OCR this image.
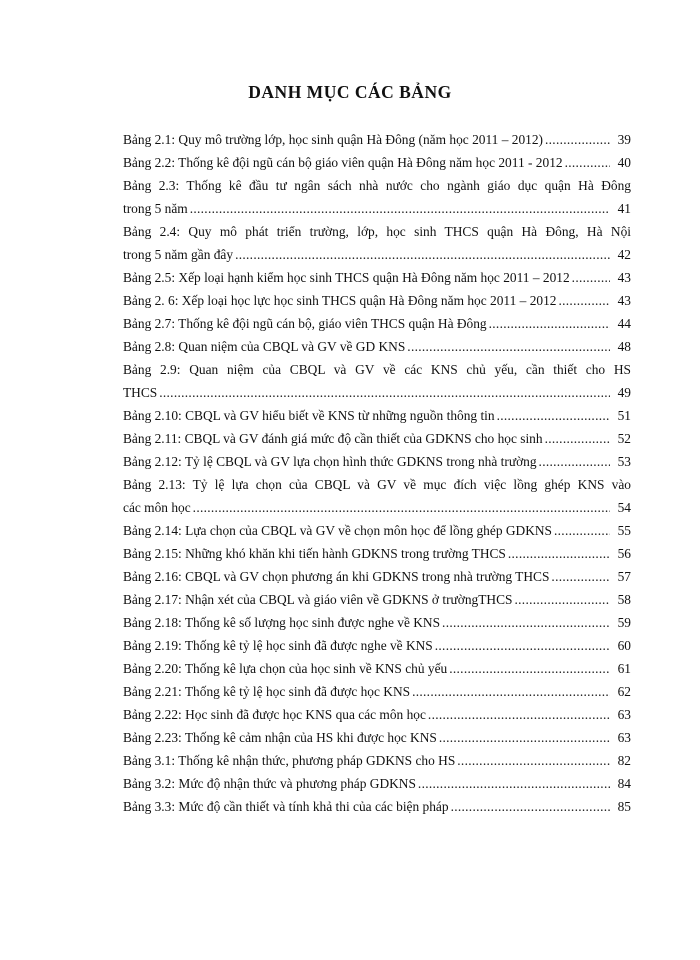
DANH MỤC CÁC BẢNG
Bảng 2.1: Quy mô trường lớp, học sinh quận Hà Đông (năm học 2011 – 2012) .....	39
Bảng 2.2: Thống kê đội ngũ cán bộ giáo viên quận Hà Đông năm học 2011 - 2012 .....	40
Bảng 2.3: Thống kê đầu tư ngân sách nhà nước cho ngành giáo dục quận Hà Đông
trong 5 năm .....	41
Bảng 2.4: Quy mô phát triển trường, lớp, học sinh THCS quận Hà Đông, Hà Nội
trong 5 năm gần đây .....	42
Bảng 2.5: Xếp loại hạnh kiểm học sinh THCS quận Hà Đông năm học 2011 – 2012 .....	43
Bảng 2. 6: Xếp loại học lực học sinh THCS quận Hà Đông năm học 2011 – 2012 .....	43
Bảng 2.7: Thống kê đội ngũ cán bộ, giáo viên THCS quận Hà Đông .....	44
Bảng 2.8: Quan niệm của CBQL và GV về GD KNS .....	48
Bảng 2.9: Quan niệm của CBQL và GV về các KNS chủ yếu, cần thiết cho HS
THCS .....	49
Bảng 2.10: CBQL và GV hiểu biết về KNS từ những nguồn thông tin .....	51
Bảng 2.11: CBQL và GV đánh giá mức độ cần thiết của GDKNS cho học sinh .....	52
Bảng 2.12: Tỷ lệ CBQL và GV lựa chọn hình thức GDKNS trong nhà trường .....	53
Bảng 2.13: Tỷ lệ lựa chọn của CBQL và GV về mục đích việc lồng ghép KNS vào
các môn học .....	54
Bảng 2.14: Lựa chọn của CBQL và GV về chọn môn học để lồng ghép GDKNS .....	55
Bảng 2.15: Những khó khăn khi tiến hành GDKNS trong trường THCS .....	56
Bảng 2.16: CBQL và GV chọn phương án khi GDKNS trong nhà trường THCS .....	57
Bảng 2.17: Nhận xét của CBQL và giáo viên về GDKNS ở trườngTHCS .....	58
Bảng 2.18: Thống kê số lượng học sinh được nghe về KNS .....	59
Bảng 2.19: Thống kê tỷ lệ học sinh đã được nghe về KNS .....	60
Bảng 2.20: Thống kê lựa chọn của học sinh về KNS chủ yếu .....	61
Bảng 2.21: Thống kê tỷ lệ học sinh đã được học KNS .....	62
Bảng 2.22: Học sinh đã được học KNS qua các môn học .....	63
Bảng 2.23: Thống kê cảm nhận của HS khi được học KNS .....	63
Bảng 3.1: Thống kê nhận thức, phương pháp GDKNS cho HS .....	82
Bảng 3.2: Mức độ nhận thức và phương pháp GDKNS .....	84
Bảng 3.3: Mức độ cần thiết và tính khả thi của các biện pháp .....	85
